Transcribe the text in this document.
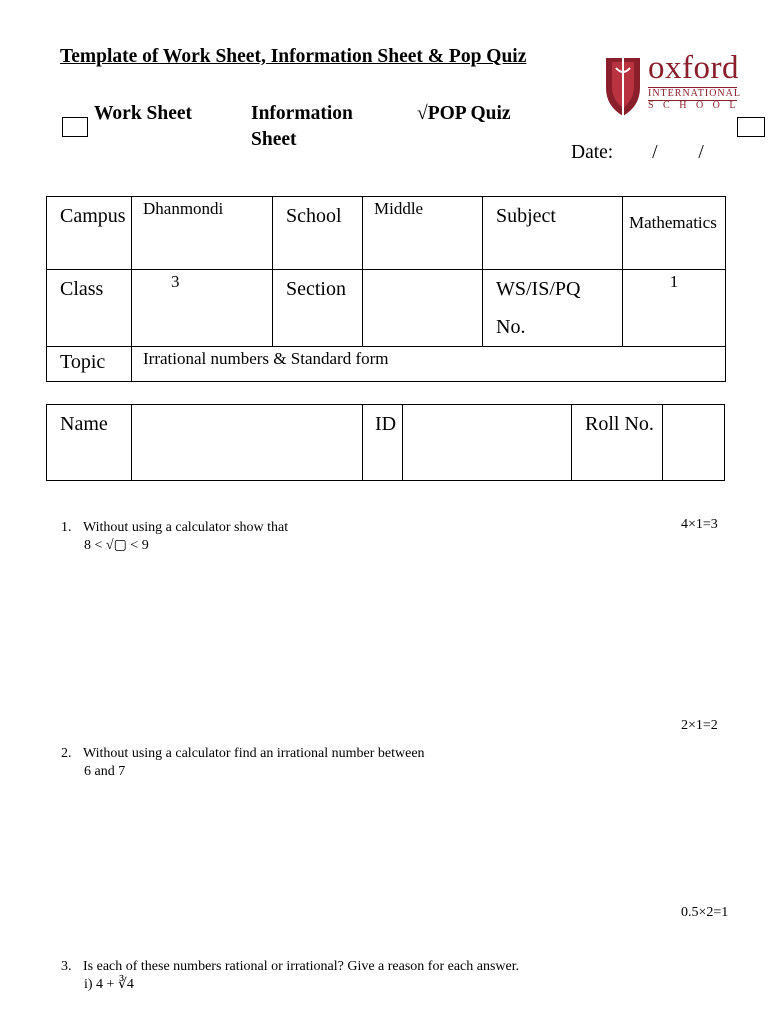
Template of Work Sheet, Information Sheet & Pop Quiz	oxford
INTERNATIONAL
SCHOOL
Work Sheet	Information
Sheet
√POP Quiz
Date: / /
Campus	Dhanmondi	School	Middle	Subject	Mathematics
Class	3	Section		WS/IS/PQ No.	1
Topic	Irrational numbers & Standard form				
Name		ID		Roll No.	
4×1=3
1. Without using a calculator show that
8 < √▢ < 9
2×1=2
2. Without using a calculator find an irrational number between
6 and 7
0.5×2=1
3. Is each of these numbers rational or irrational? Give a reason for each answer.
i) 4 + ∛4
